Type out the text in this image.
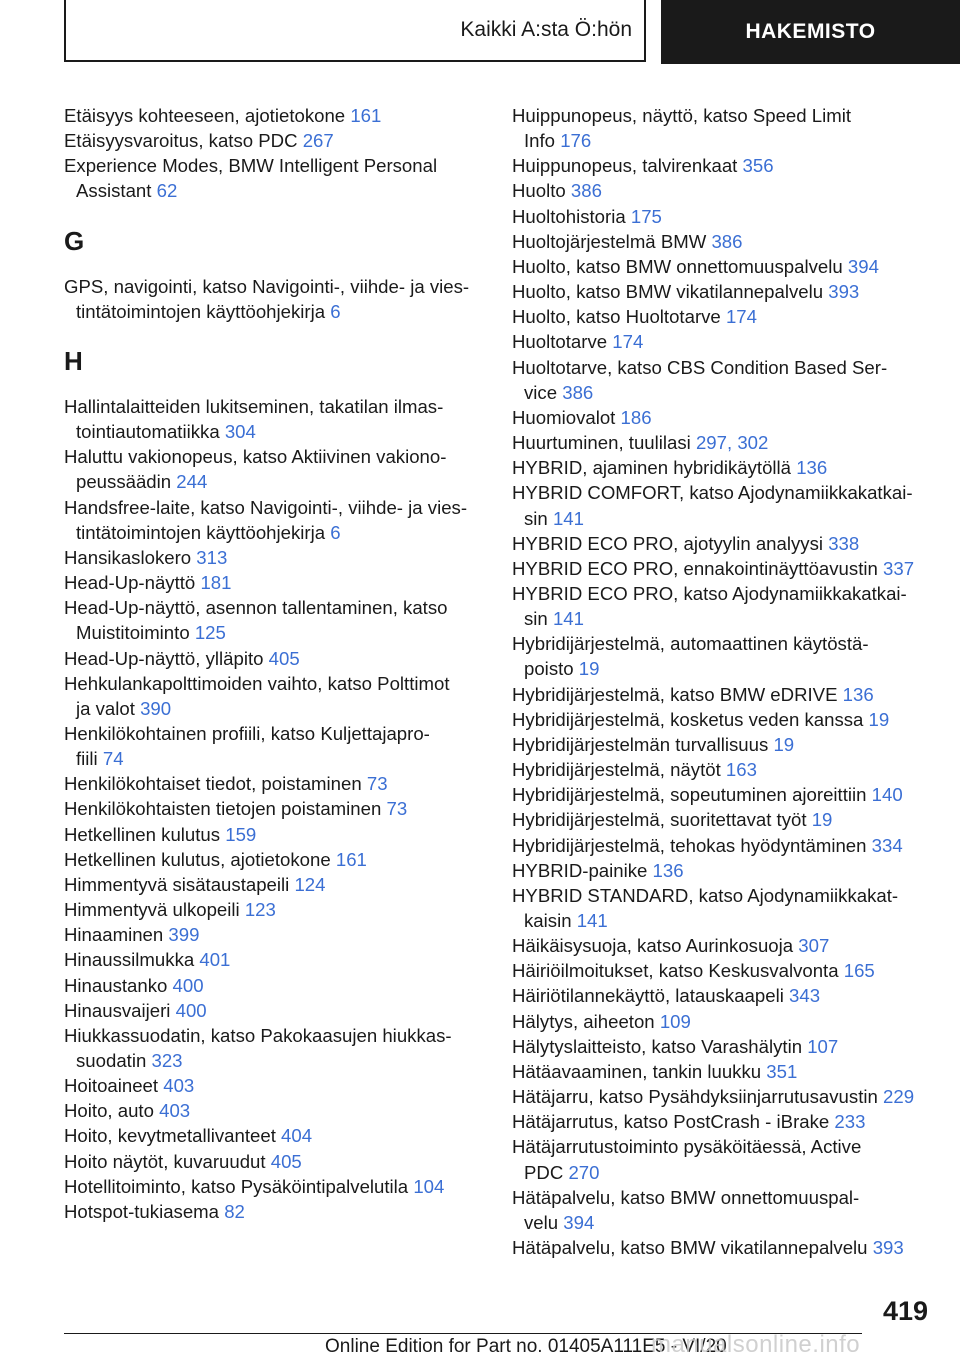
Kaikki A:sta Ö:hön	HAKEMISTO
Etäisyys kohteeseen, ajotietokone 161
Etäisyysvaroitus, katso PDC 267
Experience Modes, BMW Intelligent Personal
Assistant 62
G
GPS, navigointi, katso Navigointi-, viihde- ja vies-
tintätoimintojen käyttöohjekirja 6
H
Hallintalaitteiden lukitseminen, takatilan ilmas-
tointiautomatiikka 304
Haluttu vakionopeus, katso Aktiivinen vakiono-
peussäädin 244
Handsfree-laite, katso Navigointi-, viihde- ja vies-
tintätoimintojen käyttöohjekirja 6
Hansikaslokero 313
Head-Up-näyttö 181
Head-Up-näyttö, asennon tallentaminen, katso
Muistitoiminto 125
Head-Up-näyttö, ylläpito 405
Hehkulankapolttimoiden vaihto, katso Polttimot
ja valot 390
Henkilökohtainen profiili, katso Kuljettajapro-
fiili 74
Henkilökohtaiset tiedot, poistaminen 73
Henkilökohtaisten tietojen poistaminen 73
Hetkellinen kulutus 159
Hetkellinen kulutus, ajotietokone 161
Himmentyvä sisätaustapeili 124
Himmentyvä ulkopeili 123
Hinaaminen 399
Hinaussilmukka 401
Hinaustanko 400
Hinausvaijeri 400
Hiukkassuodatin, katso Pakokaasujen hiukkas-
suodatin 323
Hoitoaineet 403
Hoito, auto 403
Hoito, kevytmetallivanteet 404
Hoito näytöt, kuvaruudut 405
Hotellitoiminto, katso Pysäköintipalvelutila 104
Hotspot-tukiasema 82
Huippunopeus, näyttö, katso Speed Limit
Info 176
Huippunopeus, talvirenkaat 356
Huolto 386
Huoltohistoria 175
Huoltojärjestelmä BMW 386
Huolto, katso BMW onnettomuuspalvelu 394
Huolto, katso BMW vikatilannepalvelu 393
Huolto, katso Huoltotarve 174
Huoltotarve 174
Huoltotarve, katso CBS Condition Based Ser-
vice 386
Huomiovalot 186
Huurtuminen, tuulilasi 297, 302
HYBRID, ajaminen hybridikäytöllä 136
HYBRID COMFORT, katso Ajodynamiikkakatkai-
sin 141
HYBRID ECO PRO, ajotyylin analyysi 338
HYBRID ECO PRO, ennakointinäyttöavustin 337
HYBRID ECO PRO, katso Ajodynamiikkakatkai-
sin 141
Hybridijärjestelmä, automaattinen käytöstä-
poisto 19
Hybridijärjestelmä, katso BMW eDRIVE 136
Hybridijärjestelmä, kosketus veden kanssa 19
Hybridijärjestelmän turvallisuus 19
Hybridijärjestelmä, näytöt 163
Hybridijärjestelmä, sopeutuminen ajoreittiin 140
Hybridijärjestelmä, suoritettavat työt 19
Hybridijärjestelmä, tehokas hyödyntäminen 334
HYBRID-painike 136
HYBRID STANDARD, katso Ajodynamiikkakat-
kaisin 141
Häikäisysuoja, katso Aurinkosuoja 307
Häiriöilmoitukset, katso Keskusvalvonta 165
Häiriötilannekäyttö, latauskaapeli 343
Hälytys, aiheeton 109
Hälytyslaitteisto, katso Varashälytin 107
Hätäavaaminen, tankin luukku 351
Hätäjarru, katso Pysähdyksiinjarrutusavustin 229
Hätäjarrutus, katso PostCrash - iBrake 233
Hätäjarrutustoiminto pysäköitäessä, Active
PDC 270
Hätäpalvelu, katso BMW onnettomuuspal-
velu 394
Hätäpalvelu, katso BMW vikatilannepalvelu 393
419
Online Edition for Part no. 01405A111E5 - VI/20
manualsonline.info
